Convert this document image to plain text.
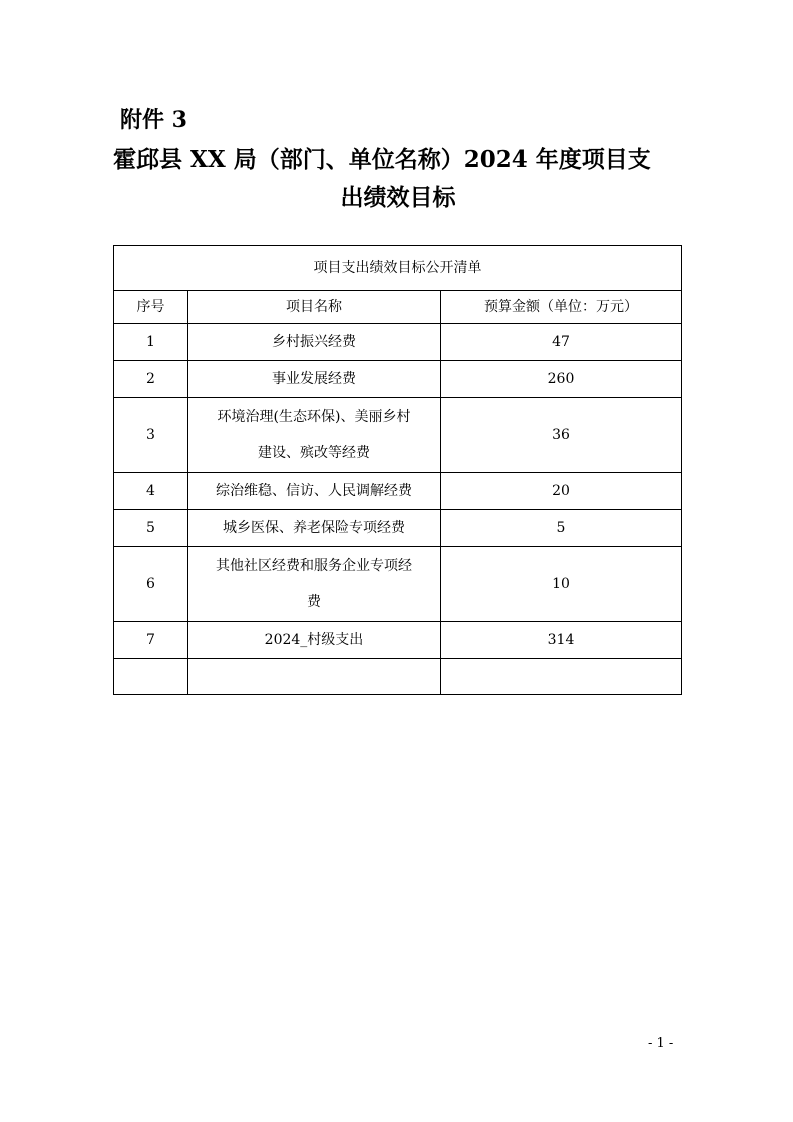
附件 3
霍邱县 XX 局（部门、单位名称）2024 年度项目支
出绩效目标
项目支出绩效目标公开清单		
序号	项目名称	预算金额（单位：万元）
1	乡村振兴经费	47
2	事业发展经费	260
3	环境治理(生态环保)、美丽乡村
建设、殡改等经费	36
4	综治维稳、信访、人民调解经费	20
5	城乡医保、养老保险专项经费	5
6	其他社区经费和服务企业专项经
费	10
7	2024_村级支出	314

- 1 -
